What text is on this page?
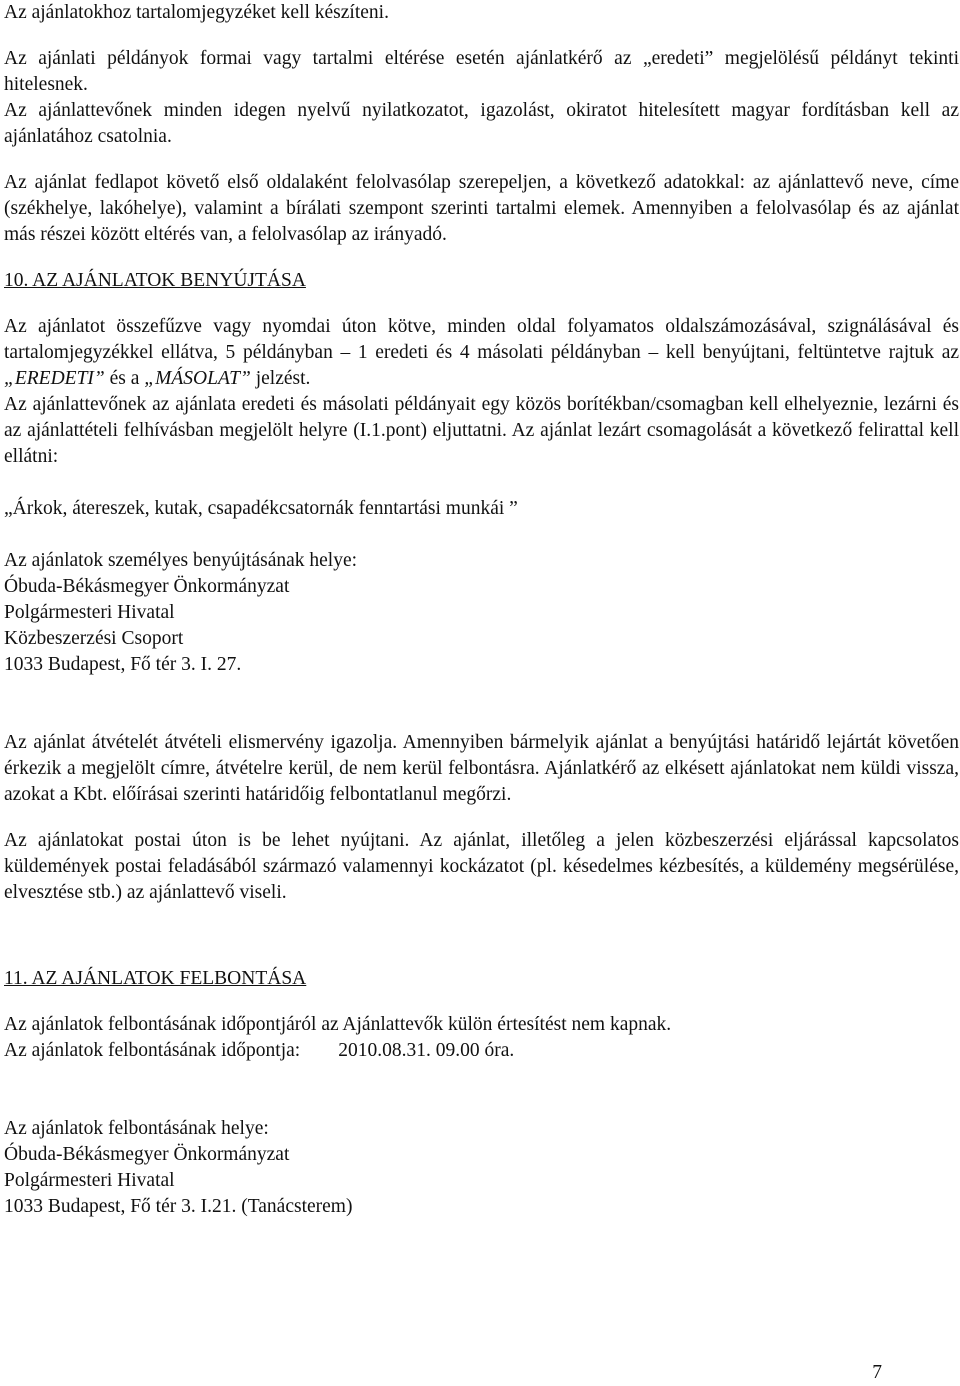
Az ajánlatokhoz tartalomjegyzéket kell készíteni.

Az ajánlati példányok formai vagy tartalmi eltérése esetén ajánlatkérő az „eredeti” megjelölésű példányt tekinti hitelesnek.

Az ajánlattevőnek minden idegen nyelvű nyilatkozatot, igazolást, okiratot hitelesített magyar fordításban kell az ajánlatához csatolnia.

Az ajánlat fedlapot követő első oldalaként felolvasólap szerepeljen, a következő adatokkal: az ajánlattevő neve, címe (székhelye, lakóhelye), valamint a bírálati szempont szerinti tartalmi elemek. Amennyiben a felolvasólap és az ajánlat más részei között eltérés van, a felolvasólap az irányadó.

10. AZ AJÁNLATOK BENYÚJTÁSA

Az ajánlatot összefűzve vagy nyomdai úton kötve, minden oldal folyamatos oldalszámozásával, szignálásával és tartalomjegyzékkel ellátva, 5 példányban – 1 eredeti és 4 másolati példányban – kell benyújtani, feltüntetve rajtuk az „EREDETI” és a „MÁSOLAT” jelzést.

Az ajánlattevőnek az ajánlata eredeti és másolati példányait egy közös borítékban/csomagban kell elhelyeznie, lezárni és az ajánlattételi felhívásban megjelölt helyre (I.1.pont) eljuttatni. Az ajánlat lezárt csomagolását a következő felirattal kell ellátni:

„Árkok, átereszek, kutak, csapadékcsatornák fenntartási munkái ”

Az ajánlatok személyes benyújtásának helye:

Óbuda-Békásmegyer Önkormányzat

Polgármesteri Hivatal

Közbeszerzési Csoport

1033 Budapest, Fő tér 3. I. 27.

Az ajánlat átvételét átvételi elismervény igazolja. Amennyiben bármelyik ajánlat a benyújtási határidő lejártát követően érkezik a megjelölt címre, átvételre kerül, de nem kerül felbontásra. Ajánlatkérő az elkésett ajánlatokat nem küldi vissza, azokat a Kbt. előírásai szerinti határidőig felbontatlanul megőrzi.

Az ajánlatokat postai úton is be lehet nyújtani. Az ajánlat, illetőleg a jelen közbeszerzési eljárással kapcsolatos küldemények postai feladásából származó valamennyi kockázatot (pl. késedelmes kézbesítés, a küldemény megsérülése, elvesztése stb.) az ajánlattevő viseli.

11. AZ AJÁNLATOK FELBONTÁSA

Az ajánlatok felbontásának időpontjáról az Ajánlattevők külön értesítést nem kapnak.

Az ajánlatok felbontásának időpontja: 2010.08.31. 09.00 óra.

Az ajánlatok felbontásának helye:

Óbuda-Békásmegyer Önkormányzat

Polgármesteri Hivatal

1033 Budapest, Fő tér 3. I.21. (Tanácsterem)

7
